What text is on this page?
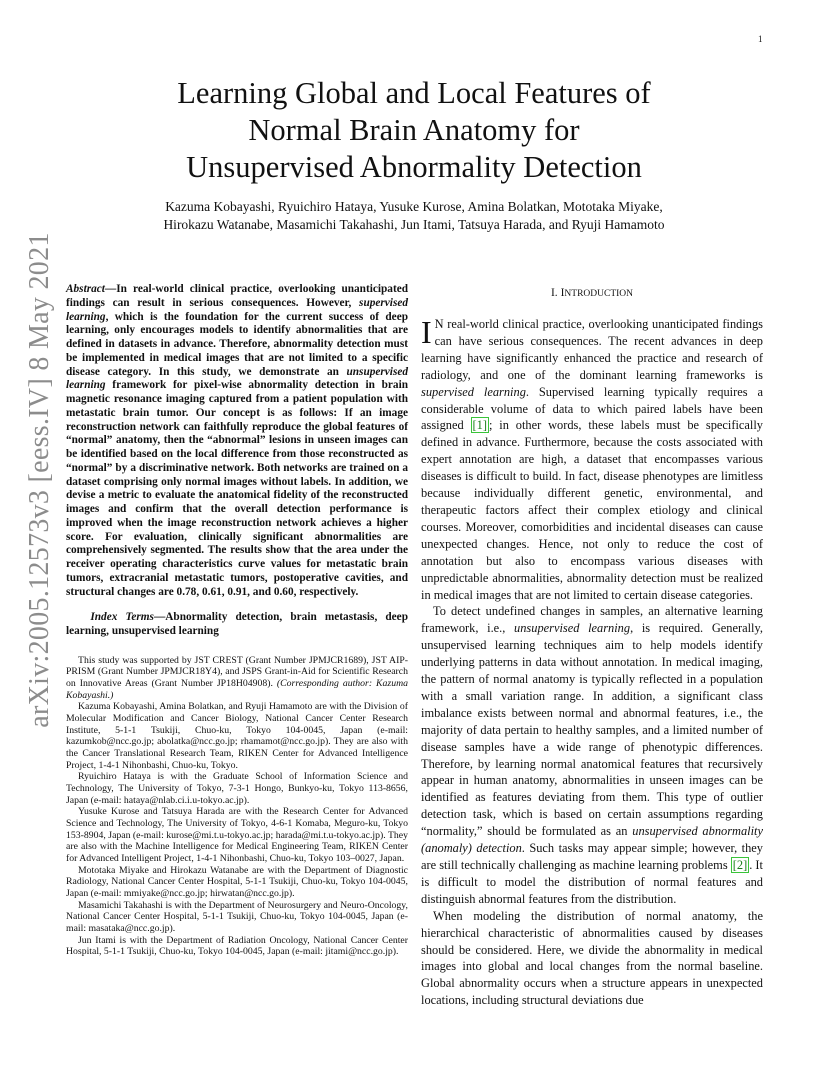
1
arXiv:2005.12573v3 [eess.IV] 8 May 2021
Learning Global and Local Features of
Normal Brain Anatomy for
Unsupervised Abnormality Detection
Kazuma Kobayashi, Ryuichiro Hataya, Yusuke Kurose, Amina Bolatkan, Mototaka Miyake,
Hirokazu Watanabe, Masamichi Takahashi, Jun Itami, Tatsuya Harada, and Ryuji Hamamoto

Abstract—In real-world clinical practice, overlooking unanticipated findings can result in serious consequences. However, supervised learning, which is the foundation for the current success of deep learning, only encourages models to identify abnormalities that are defined in datasets in advance. Therefore, abnormality detection must be implemented in medical images that are not limited to a specific disease category. In this study, we demonstrate an unsupervised learning framework for pixel-wise abnormality detection in brain magnetic resonance imaging captured from a patient population with metastatic brain tumor. Our concept is as follows: If an image reconstruction network can faithfully reproduce the global features of “normal” anatomy, then the “abnormal” lesions in unseen images can be identified based on the local difference from those reconstructed as “normal” by a discriminative network. Both networks are trained on a dataset comprising only normal images without labels. In addition, we devise a metric to evaluate the anatomical fidelity of the reconstructed images and confirm that the overall detection performance is improved when the image reconstruction network achieves a higher score. For evaluation, clinically significant abnormalities are comprehensively segmented. The results show that the area under the receiver operating characteristics curve values for metastatic brain tumors, extracranial metastatic tumors, postoperative cavities, and structural changes are 0.78, 0.61, 0.91, and 0.60, respectively.

Index Terms—Abnormality detection, brain metastasis, deep learning, unsupervised learning

This study was supported by JST CREST (Grant Number JPMJCR1689), JST AIP-PRISM (Grant Number JPMJCR18Y4), and JSPS Grant-in-Aid for Scientific Research on Innovative Areas (Grant Number JP18H04908). (Corresponding author: Kazuma Kobayashi.)

Kazuma Kobayashi, Amina Bolatkan, and Ryuji Hamamoto are with the Division of Molecular Modification and Cancer Biology, National Cancer Center Research Institute, 5-1-1 Tsukiji, Chuo-ku, Tokyo 104-0045, Japan (e-mail: kazumkob@ncc.go.jp; abolatka@ncc.go.jp; rhamamot@ncc.go.jp). They are also with the Cancer Translational Research Team, RIKEN Center for Advanced Intelligence Project, 1-4-1 Nihonbashi, Chuo-ku, Tokyo.

Ryuichiro Hataya is with the Graduate School of Information Science and Technology, The University of Tokyo, 7-3-1 Hongo, Bunkyo-ku, Tokyo 113-8656, Japan (e-mail: hataya@nlab.ci.i.u-tokyo.ac.jp).

Yusuke Kurose and Tatsuya Harada are with the Research Center for Advanced Science and Technology, The University of Tokyo, 4-6-1 Komaba, Meguro-ku, Tokyo 153-8904, Japan (e-mail: kurose@mi.t.u-tokyo.ac.jp; harada@mi.t.u-tokyo.ac.jp). They are also with the Machine Intelligence for Medical Engineering Team, RIKEN Center for Advanced Intelligent Project, 1-4-1 Nihonbashi, Chuo-ku, Tokyo 103–0027, Japan.

Mototaka Miyake and Hirokazu Watanabe are with the Department of Diagnostic Radiology, National Cancer Center Hospital, 5-1-1 Tsukiji, Chuo-ku, Tokyo 104-0045, Japan (e-mail: mmiyake@ncc.go.jp; hirwatan@ncc.go.jp).

Masamichi Takahashi is with the Department of Neurosurgery and Neuro-Oncology, National Cancer Center Hospital, 5-1-1 Tsukiji, Chuo-ku, Tokyo 104-0045, Japan (e-mail: masataka@ncc.go.jp).

Jun Itami is with the Department of Radiation Oncology, National Cancer Center Hospital, 5-1-1 Tsukiji, Chuo-ku, Tokyo 104-0045, Japan (e-mail: jitami@ncc.go.jp).

I. INTRODUCTION

I N real-world clinical practice, overlooking unanticipated findings can have serious consequences. The recent advances in deep learning have significantly enhanced the practice and research of radiology, and one of the dominant learning frameworks is supervised learning. Supervised learning typically requires a considerable volume of data to which paired labels have been assigned [1] ; in other words, these labels must be specifically defined in advance. Furthermore, because the costs associated with expert annotation are high, a dataset that encompasses various diseases is difficult to build. In fact, disease phenotypes are limitless because individually different genetic, environmental, and therapeutic factors affect their complex etiology and clinical courses. Moreover, comorbidities and incidental diseases can cause unexpected changes. Hence, not only to reduce the cost of annotation but also to encompass various diseases with unpredictable abnormalities, abnormality detection must be realized in medical images that are not limited to certain disease categories.

To detect undefined changes in samples, an alternative learning framework, i.e., unsupervised learning, is required. Generally, unsupervised learning techniques aim to help models identify underlying patterns in data without annotation. In medical imaging, the pattern of normal anatomy is typically reflected in a population with a small variation range. In addition, a significant class imbalance exists between normal and abnormal features, i.e., the majority of data pertain to healthy samples, and a limited number of disease samples have a wide range of phenotypic differences. Therefore, by learning normal anatomical features that recursively appear in human anatomy, abnormalities in unseen images can be identified as features deviating from them. This type of outlier detection task, which is based on certain assumptions regarding “normality,” should be formulated as an unsupervised abnormality (anomaly) detection. Such tasks may appear simple; however, they are still technically challenging as machine learning problems [2] . It is difficult to model the distribution of normal features and distinguish abnormal features from the distribution.

When modeling the distribution of normal anatomy, the hierarchical characteristic of abnormalities caused by diseases should be considered. Here, we divide the abnormality in medical images into global and local changes from the normal baseline. Global abnormality occurs when a structure appears in unexpected locations, including structural deviations due
